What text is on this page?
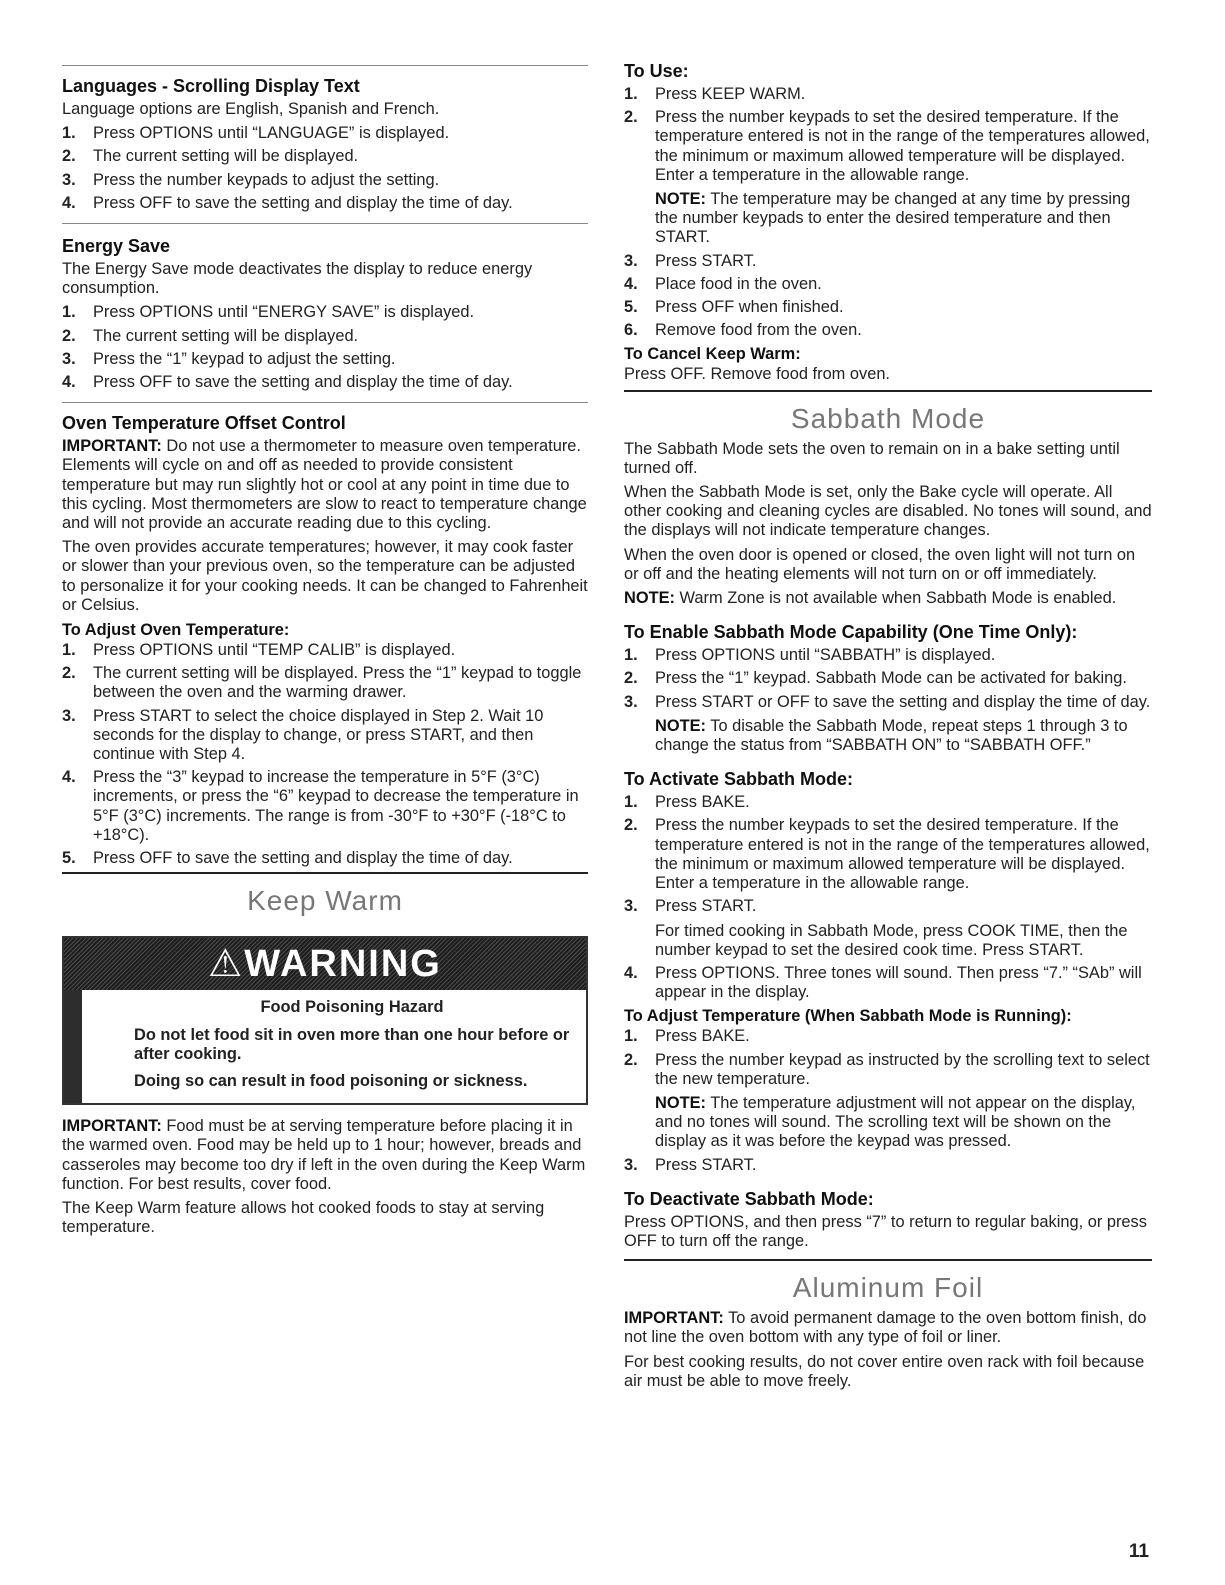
Languages - Scrolling Display Text

Language options are English, Spanish and French.

1. Press OPTIONS until “LANGUAGE” is displayed.
2. The current setting will be displayed.
3. Press the number keypads to adjust the setting.
4. Press OFF to save the setting and display the time of day.
Energy Save

The Energy Save mode deactivates the display to reduce energy consumption.

1. Press OPTIONS until “ENERGY SAVE” is displayed.
2. The current setting will be displayed.
3. Press the “1” keypad to adjust the setting.
4. Press OFF to save the setting and display the time of day.
Oven Temperature Offset Control

IMPORTANT: Do not use a thermometer to measure oven temperature. Elements will cycle on and off as needed to provide consistent temperature but may run slightly hot or cool at any point in time due to this cycling. Most thermometers are slow to react to temperature change and will not provide an accurate reading due to this cycling.

The oven provides accurate temperatures; however, it may cook faster or slower than your previous oven, so the temperature can be adjusted to personalize it for your cooking needs. It can be changed to Fahrenheit or Celsius.

To Adjust Oven Temperature:
1. Press OPTIONS until “TEMP CALIB” is displayed.
2. The current setting will be displayed. Press the “1” keypad to toggle between the oven and the warming drawer.
3. Press START to select the choice displayed in Step 2. Wait 10 seconds for the display to change, or press START, and then continue with Step 4.
4. Press the “3” keypad to increase the temperature in 5°F (3°C) increments, or press the “6” keypad to decrease the temperature in 5°F (3°C) increments. The range is from -30°F to +30°F (-18°C to +18°C).
5. Press OFF to save the setting and display the time of day.
Keep Warm
⚠WARNING
Food Poisoning Hazard
Do not let food sit in oven more than one hour before or after cooking.
Doing so can result in food poisoning or sickness.

IMPORTANT: Food must be at serving temperature before placing it in the warmed oven. Food may be held up to 1 hour; however, breads and casseroles may become too dry if left in the oven during the Keep Warm function. For best results, cover food.

The Keep Warm feature allows hot cooked foods to stay at serving temperature.

To Use:
1. Press KEEP WARM.
2. Press the number keypads to set the desired temperature. If the temperature entered is not in the range of the temperatures allowed, the minimum or maximum allowed temperature will be displayed. Enter a temperature in the allowable range.
NOTE: The temperature may be changed at any time by pressing the number keypads to enter the desired temperature and then START.
3. Press START.
4. Place food in the oven.
5. Press OFF when finished.
6. Remove food from the oven.
To Cancel Keep Warm:

Press OFF. Remove food from oven.

Sabbath Mode

The Sabbath Mode sets the oven to remain on in a bake setting until turned off.

When the Sabbath Mode is set, only the Bake cycle will operate. All other cooking and cleaning cycles are disabled. No tones will sound, and the displays will not indicate temperature changes.

When the oven door is opened or closed, the oven light will not turn on or off and the heating elements will not turn on or off immediately.

NOTE: Warm Zone is not available when Sabbath Mode is enabled.

To Enable Sabbath Mode Capability (One Time Only):
1. Press OPTIONS until “SABBATH” is displayed.
2. Press the “1” keypad. Sabbath Mode can be activated for baking.
3. Press START or OFF to save the setting and display the time of day.
NOTE: To disable the Sabbath Mode, repeat steps 1 through 3 to change the status from “SABBATH ON” to “SABBATH OFF.”
To Activate Sabbath Mode:
1. Press BAKE.
2. Press the number keypads to set the desired temperature. If the temperature entered is not in the range of the temperatures allowed, the minimum or maximum allowed temperature will be displayed. Enter a temperature in the allowable range.
3. Press START.
For timed cooking in Sabbath Mode, press COOK TIME, then the number keypad to set the desired cook time. Press START.
4. Press OPTIONS. Three tones will sound. Then press “7.” “SAb” will appear in the display.
To Adjust Temperature (When Sabbath Mode is Running):
1. Press BAKE.
2. Press the number keypad as instructed by the scrolling text to select the new temperature.
NOTE: The temperature adjustment will not appear on the display, and no tones will sound. The scrolling text will be shown on the display as it was before the keypad was pressed.
3. Press START.
To Deactivate Sabbath Mode:

Press OPTIONS, and then press “7” to return to regular baking, or press OFF to turn off the range.

Aluminum Foil

IMPORTANT: To avoid permanent damage to the oven bottom finish, do not line the oven bottom with any type of foil or liner.

For best cooking results, do not cover entire oven rack with foil because air must be able to move freely.

11
